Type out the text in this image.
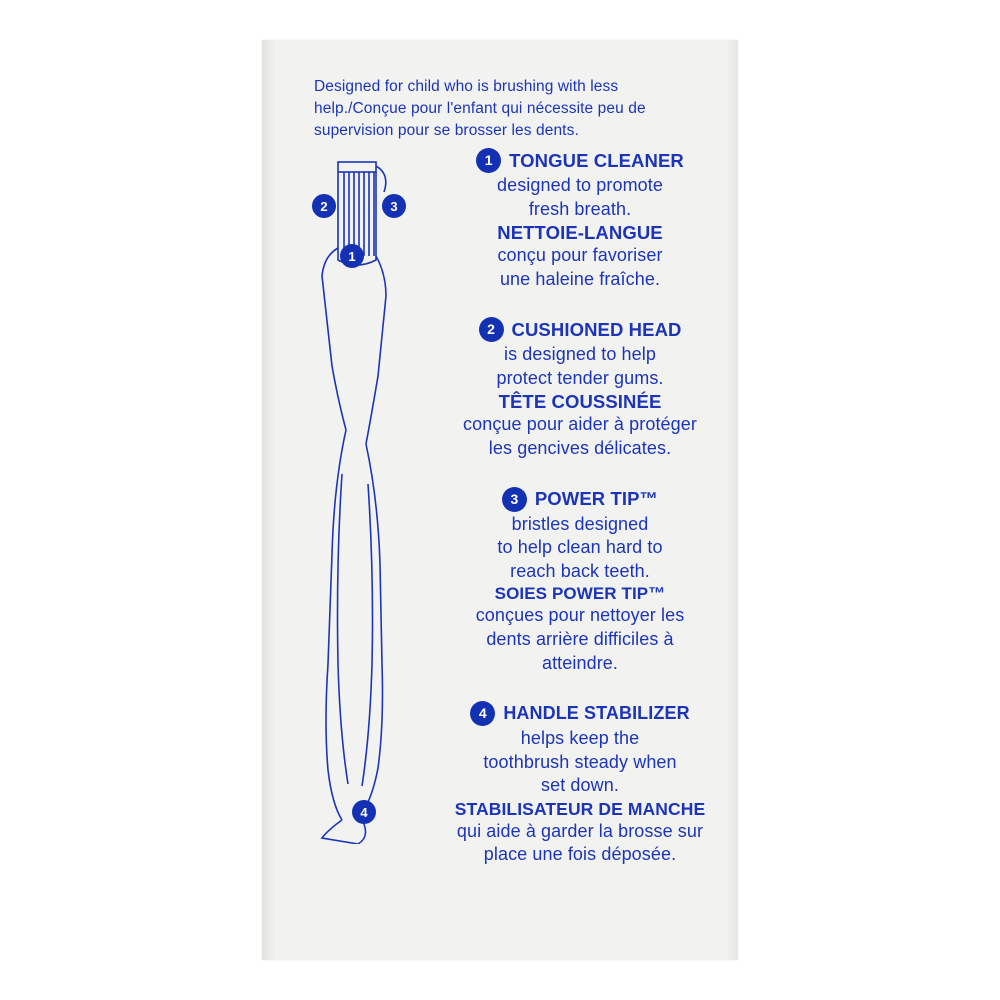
Designed for child who is brushing with less help./Conçue pour l'enfant qui nécessite peu de supervision pour se brosser les dents.
1
2	3
4
1 TONGUE CLEANER
designed to promote
fresh breath.
NETTOIE-LANGUE
conçu pour favoriser
une haleine fraîche.
2 CUSHIONED HEAD
is designed to help
protect tender gums.
TÊTE COUSSINÉE
conçue pour aider à protéger
les gencives délicates.
3 POWER TIP™
bristles designed
to help clean hard to
reach back teeth.
SOIES POWER TIP™
conçues pour nettoyer les
dents arrière difficiles à
atteindre.
4 HANDLE STABILIZER
helps keep the
toothbrush steady when
set down.
STABILISATEUR DE MANCHE
qui aide à garder la brosse sur
place une fois déposée.
